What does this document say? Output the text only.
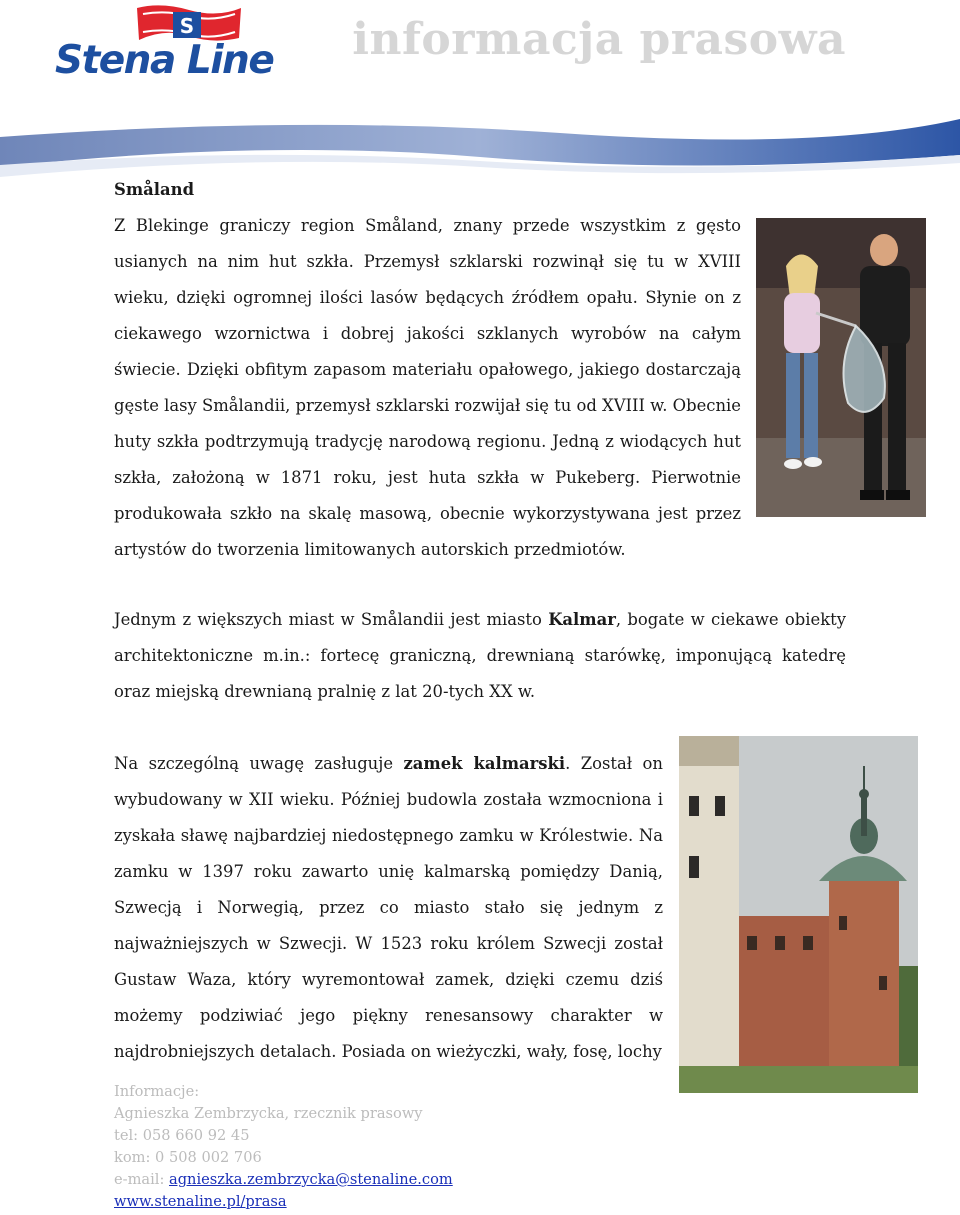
S
Stena Line	informacja prasowa
Småland

Z Blekinge graniczy region Småland, znany przede wszystkim z gęsto usianych na nim hut szkła. Przemysł szklarski rozwinął się tu w XVIII wieku, dzięki ogromnej ilości lasów będących źródłem opału. Słynie on z ciekawego wzornictwa i dobrej jakości szklanych wyrobów na całym świecie. Dzięki obfitym zapasom materiału opałowego, jakiego dostarczają gęste lasy Smålandii, przemysł szklarski rozwijał się tu od XVIII w. Obecnie huty szkła podtrzymują tradycję narodową regionu. Jedną z wiodących hut szkła, założoną w 1871 roku, jest huta szkła w Pukeberg. Pierwotnie produkowała szkło na skalę masową, obecnie wykorzystywana jest przez artystów do tworzenia limitowanych autorskich przedmiotów.

Jednym z większych miast w Smålandii jest miasto Kalmar, bogate w ciekawe obiekty architektoniczne m.in.: fortecę graniczną, drewnianą starówkę, imponującą katedrę oraz miejską drewnianą pralnię z lat 20-tych XX w.

Na szczególną uwagę zasługuje zamek kalmarski. Został on wybudowany w XII wieku. Później budowla została wzmocniona i zyskała sławę najbardziej niedostępnego zamku w Królestwie. Na zamku w 1397 roku zawarto unię kalmarską pomiędzy Danią, Szwecją i Norwegią, przez co miasto stało się jednym z najważniejszych w Szwecji. W 1523 roku królem Szwecji został Gustaw Waza, który wyremontował zamek, dzięki czemu dziś możemy podziwiać jego piękny renesansowy charakter w najdrobniejszych detalach. Posiada on wieżyczki, wały, fosę, lochy

Informacje:
Agnieszka Zembrzycka, rzecznik prasowy
tel: 058 660 92 45
kom: 0 508 002 706
e-mail: agnieszka.zembrzycka@stenaline.com
www.stenaline.pl/prasa
